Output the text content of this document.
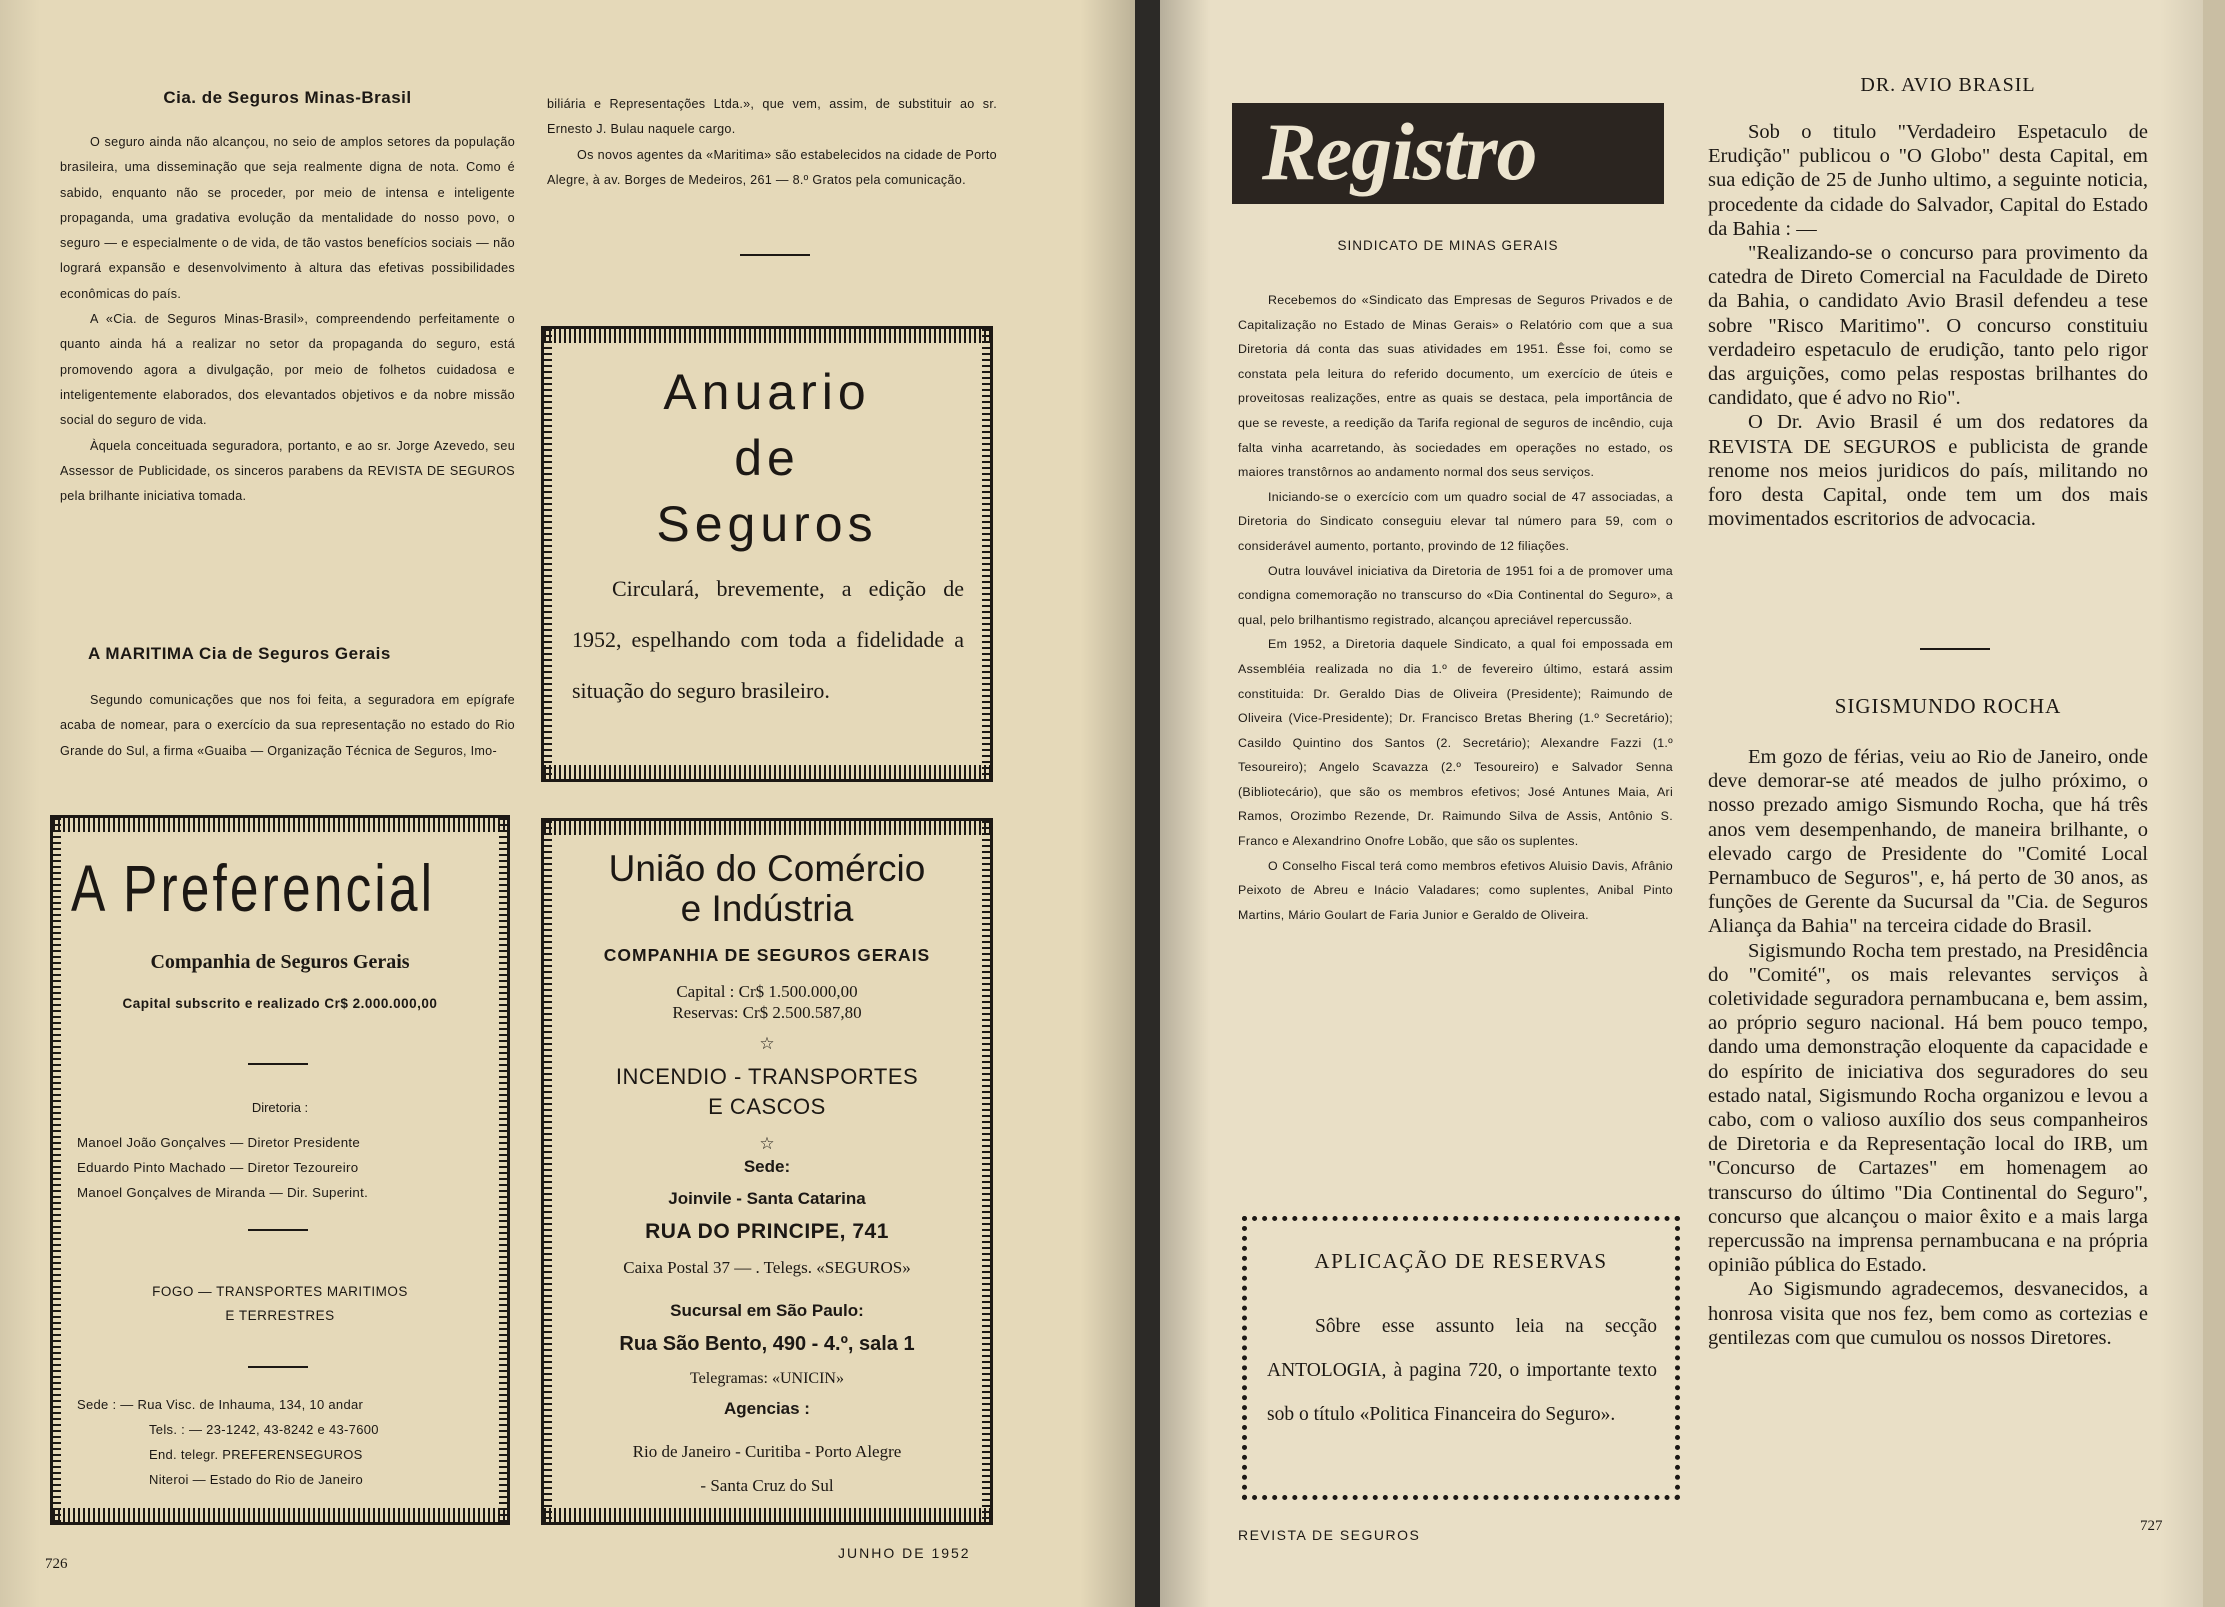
Cia. de Seguros Minas-Brasil

O seguro ainda não alcançou, no seio de amplos setores da população brasileira, uma disseminação que seja realmente digna de nota. Como é sabido, enquanto não se proceder, por meio de intensa e inteligente propaganda, uma gradativa evolução da mentalidade do nosso povo, o seguro — e especialmente o de vida, de tão vastos benefícios sociais — não logrará expansão e desenvolvimento à altura das efetivas possibilidades econômicas do país.

A «Cia. de Seguros Minas-Brasil», compreendendo perfeitamente o quanto ainda há a realizar no setor da propaganda do seguro, está promovendo agora a divulgação, por meio de folhetos cuidadosa e inteligentemente elaborados, dos elevantados objetivos e da nobre missão social do seguro de vida.

Àquela conceituada seguradora, portanto, e ao sr. Jorge Azevedo, seu Assessor de Publicidade, os sinceros parabens da REVISTA DE SEGUROS pela brilhante iniciativa tomada.

A MARITIMA Cia de Seguros Gerais

Segundo comunicações que nos foi feita, a seguradora em epígrafe acaba de nomear, para o exercício da sua representação no estado do Rio Grande do Sul, a firma «Guaiba — Organização Técnica de Seguros, Imo-

biliária e Representações Ltda.», que vem, assim, de substituir ao sr. Ernesto J. Bulau naquele cargo.

Os novos agentes da «Maritima» são estabelecidos na cidade de Porto Alegre, à av. Borges de Medeiros, 261 — 8.º Gratos pela comunicação.

Anuario
de
Seguros
Circulará, brevemente, a edição de 1952, espelhando com toda a fidelidade a situação do seguro brasileiro.
A Preferencial
Companhia de Seguros Gerais
Capital subscrito e realizado Cr$ 2.000.000,00
Diretoria :
Manoel João Gonçalves — Diretor Presidente
Eduardo Pinto Machado — Diretor Tezoureiro
Manoel Gonçalves de Miranda — Dir. Superint.
FOGO — TRANSPORTES MARITIMOS
E TERRESTRES
Sede : — Rua Visc. de Inhauma, 134, 10 andar
Tels. : — 23-1242, 43-8242 e 43-7600
End. telegr. PREFERENSEGUROS
Niteroi — Estado do Rio de Janeiro
União do Comércio
e Indústria
COMPANHIA DE SEGUROS GERAIS
Capital : Cr$ 1.500.000,00
Reservas: Cr$ 2.500.587,80
☆
INCENDIO - TRANSPORTES
E CASCOS
☆
Sede:
Joinvile - Santa Catarina
RUA DO PRINCIPE, 741
Caixa Postal 37 — . Telegs. «SEGUROS»
Sucursal em São Paulo:
Rua São Bento, 490 - 4.º, sala 1
Telegramas: «UNICIN»
Agencias :
Rio de Janeiro - Curitiba - Porto Alegre
- Santa Cruz do Sul
726
JUNHO DE 1952
Registro
SINDICATO DE MINAS GERAIS

Recebemos do «Sindicato das Empresas de Seguros Privados e de Capitalização no Estado de Minas Gerais» o Relatório com que a sua Diretoria dá conta das suas atividades em 1951. Êsse foi, como se constata pela leitura do referido documento, um exercício de úteis e proveitosas realizações, entre as quais se destaca, pela importância de que se reveste, a reedição da Tarifa regional de seguros de incêndio, cuja falta vinha acarretando, às sociedades em operações no estado, os maiores transtôrnos ao andamento normal dos seus serviços.

Iniciando-se o exercício com um quadro social de 47 associadas, a Diretoria do Sindicato conseguiu elevar tal número para 59, com o considerável aumento, portanto, provindo de 12 filiações.

Outra louvável iniciativa da Diretoria de 1951 foi a de promover uma condigna comemoração no transcurso do «Dia Continental do Seguro», a qual, pelo brilhantismo registrado, alcançou apreciável repercussão.

Em 1952, a Diretoria daquele Sindicato, a qual foi empossada em Assembléia realizada no dia 1.º de fevereiro último, estará assim constituida: Dr. Geraldo Dias de Oliveira (Presidente); Raimundo de Oliveira (Vice-Presidente); Dr. Francisco Bretas Bhering (1.º Secretário); Casildo Quintino dos Santos (2. Secretário); Alexandre Fazzi (1.º Tesoureiro); Angelo Scavazza (2.º Tesoureiro) e Salvador Senna (Bibliotecário), que são os membros efetivos; José Antunes Maia, Ari Ramos, Orozimbo Rezende, Dr. Raimundo Silva de Assis, Antônio S. Franco e Alexandrino Onofre Lobão, que são os suplentes.

O Conselho Fiscal terá como membros efetivos Aluisio Davis, Afrânio Peixoto de Abreu e Inácio Valadares; como suplentes, Anibal Pinto Martins, Mário Goulart de Faria Junior e Geraldo de Oliveira.

APLICAÇÃO DE RESERVAS
Sôbre esse assunto leia na secção ANTOLOGIA, à pagina 720, o importante texto sob o título «Politica Financeira do Seguro».
REVISTA DE SEGUROS
727
DR. AVIO BRASIL

Sob o titulo "Verdadeiro Espetaculo de Erudição" publicou o "O Globo" desta Capital, em sua edição de 25 de Junho ultimo, a seguinte noticia, procedente da cidade do Salvador, Capital do Estado da Bahia : —

"Realizando-se o concurso para provimento da catedra de Direto Comercial na Faculdade de Direto da Bahia, o candidato Avio Brasil defendeu a tese sobre "Risco Maritimo". O concurso constituiu verdadeiro espetaculo de erudição, tanto pelo rigor das arguições, como pelas respostas brilhantes do candidato, que é advo no Rio".

O Dr. Avio Brasil é um dos redatores da REVISTA DE SEGUROS e publicista de grande renome nos meios juridicos do país, militando no foro desta Capital, onde tem um dos mais movimentados escritorios de advocacia.

SIGISMUNDO ROCHA

Em gozo de férias, veiu ao Rio de Janeiro, onde deve demorar-se até meados de julho próximo, o nosso prezado amigo Sismundo Rocha, que há três anos vem desempenhando, de maneira brilhante, o elevado cargo de Presidente do "Comité Local Pernambuco de Seguros", e, há perto de 30 anos, as funções de Gerente da Sucursal da "Cia. de Seguros Aliança da Bahia" na terceira cidade do Brasil.

Sigismundo Rocha tem prestado, na Presidência do "Comité", os mais relevantes serviços à coletividade seguradora pernambucana e, bem assim, ao próprio seguro nacional. Há bem pouco tempo, dando uma demonstração eloquente da capacidade e do espírito de iniciativa dos seguradores do seu estado natal, Sigismundo Rocha organizou e levou a cabo, com o valioso auxílio dos seus companheiros de Diretoria e da Representação local do IRB, um "Concurso de Cartazes" em homenagem ao transcurso do último "Dia Continental do Seguro", concurso que alcançou o maior êxito e a mais larga repercussão na imprensa pernambucana e na própria opinião pública do Estado.

Ao Sigismundo agradecemos, desvanecidos, a honrosa visita que nos fez, bem como as cortezias e gentilezas com que cumulou os nossos Diretores.
